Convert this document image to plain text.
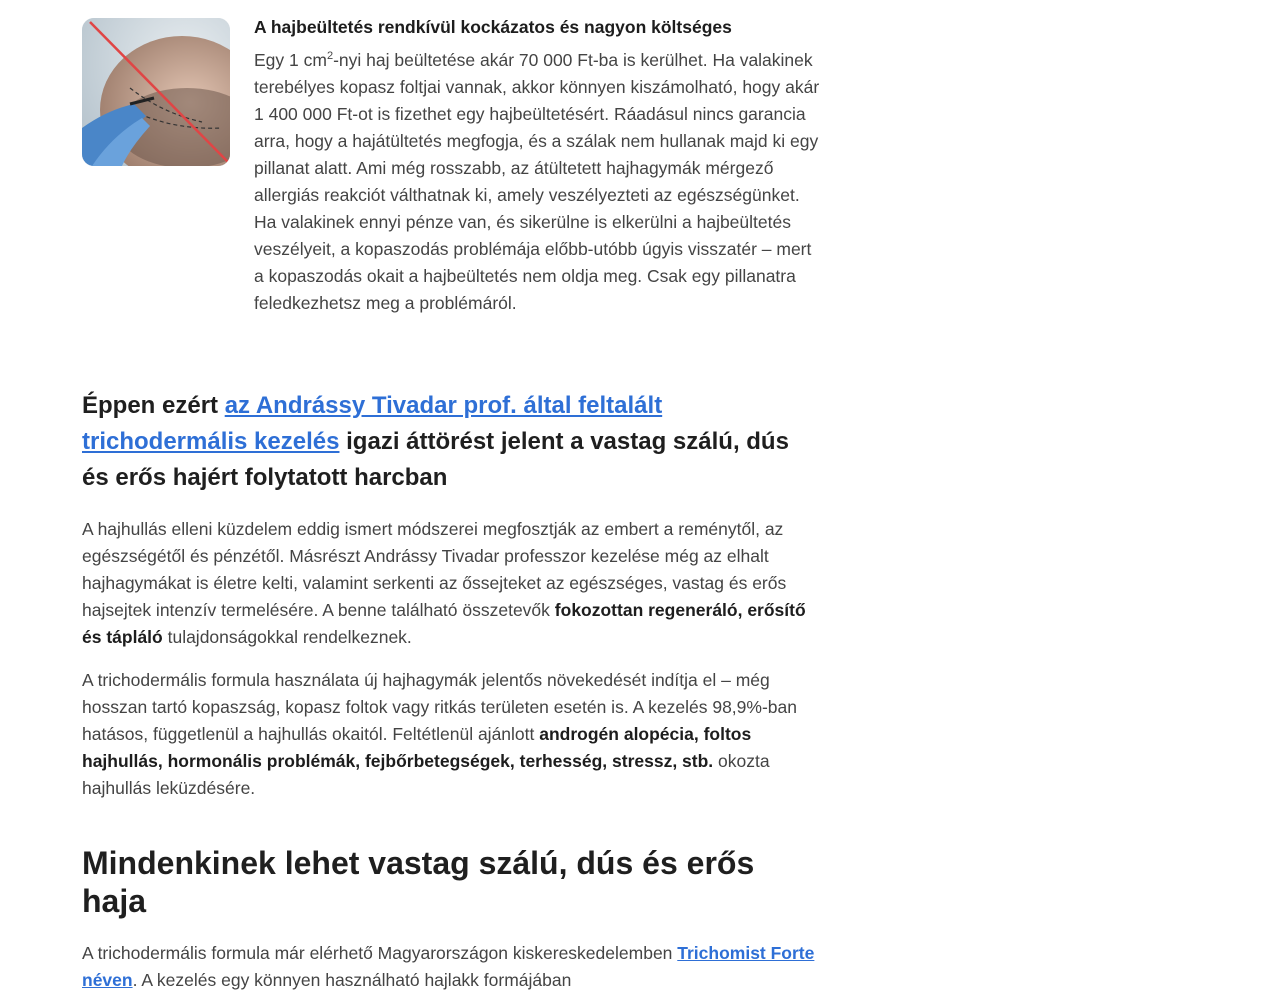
A hajbeültetés rendkívül kockázatos és nagyon költséges

Egy 1 $cm^2$-nyi haj beültetése akár 70 000 Ft-ba is kerülhet. Ha valakinek terebélyes kopasz foltjai vannak, akkor könnyen kiszámolható, hogy akár 1 400 000 Ft-ot is fizethet egy hajbeültetésért. Ráadásul nincs garancia arra, hogy a hajátültetés megfogja, és a szálak nem hullanak majd ki egy pillanat alatt. Ami még rosszabb, az átültetett hajhagymák mérgező allergiás reakciót válthatnak ki, amely veszélyezteti az egészségünket. Ha valakinek ennyi pénze van, és sikerülne is elkerülni a hajbeültetés veszélyeit, a kopaszodás problémája előbb-utóbb úgyis visszatér – mert a kopaszodás okait a hajbeültetés nem oldja meg. Csak egy pillanatra feledkezhetsz meg a problémáról.

Éppen ezért az Andrássy Tivadar prof. által feltalált trichodermális kezelés igazi áttörést jelent a vastag szálú, dús és erős hajért folytatott harcban

A hajhullás elleni küzdelem eddig ismert módszerei megfosztják az embert a reménytől, az egészségétől és pénzétől. Másrészt Andrássy Tivadar professzor kezelése még az elhalt hajhagymákat is életre kelti, valamint serkenti az őssejteket az egészséges, vastag és erős hajsejtek intenzív termelésére. A benne található összetevők fokozottan regeneráló, erősítő és tápláló tulajdonságokkal rendelkeznek.

A trichodermális formula használata új hajhagymák jelentős növekedését indítja el – még hosszan tartó kopaszság, kopasz foltok vagy ritkás területen esetén is. A kezelés 98,9%-ban hatásos, függetlenül a hajhullás okaitól. Feltétlenül ajánlott androgén alopécia, foltos hajhullás, hormonális problémák, fejbőrbetegségek, terhesség, stressz, stb. okozta hajhullás leküzdésére.

Mindenkinek lehet vastag szálú, dús és erős haja

A trichodermális formula már elérhető Magyarországon kiskereskedelemben Trichomist Forte néven. A kezelés egy könnyen használható hajlakk formájában
